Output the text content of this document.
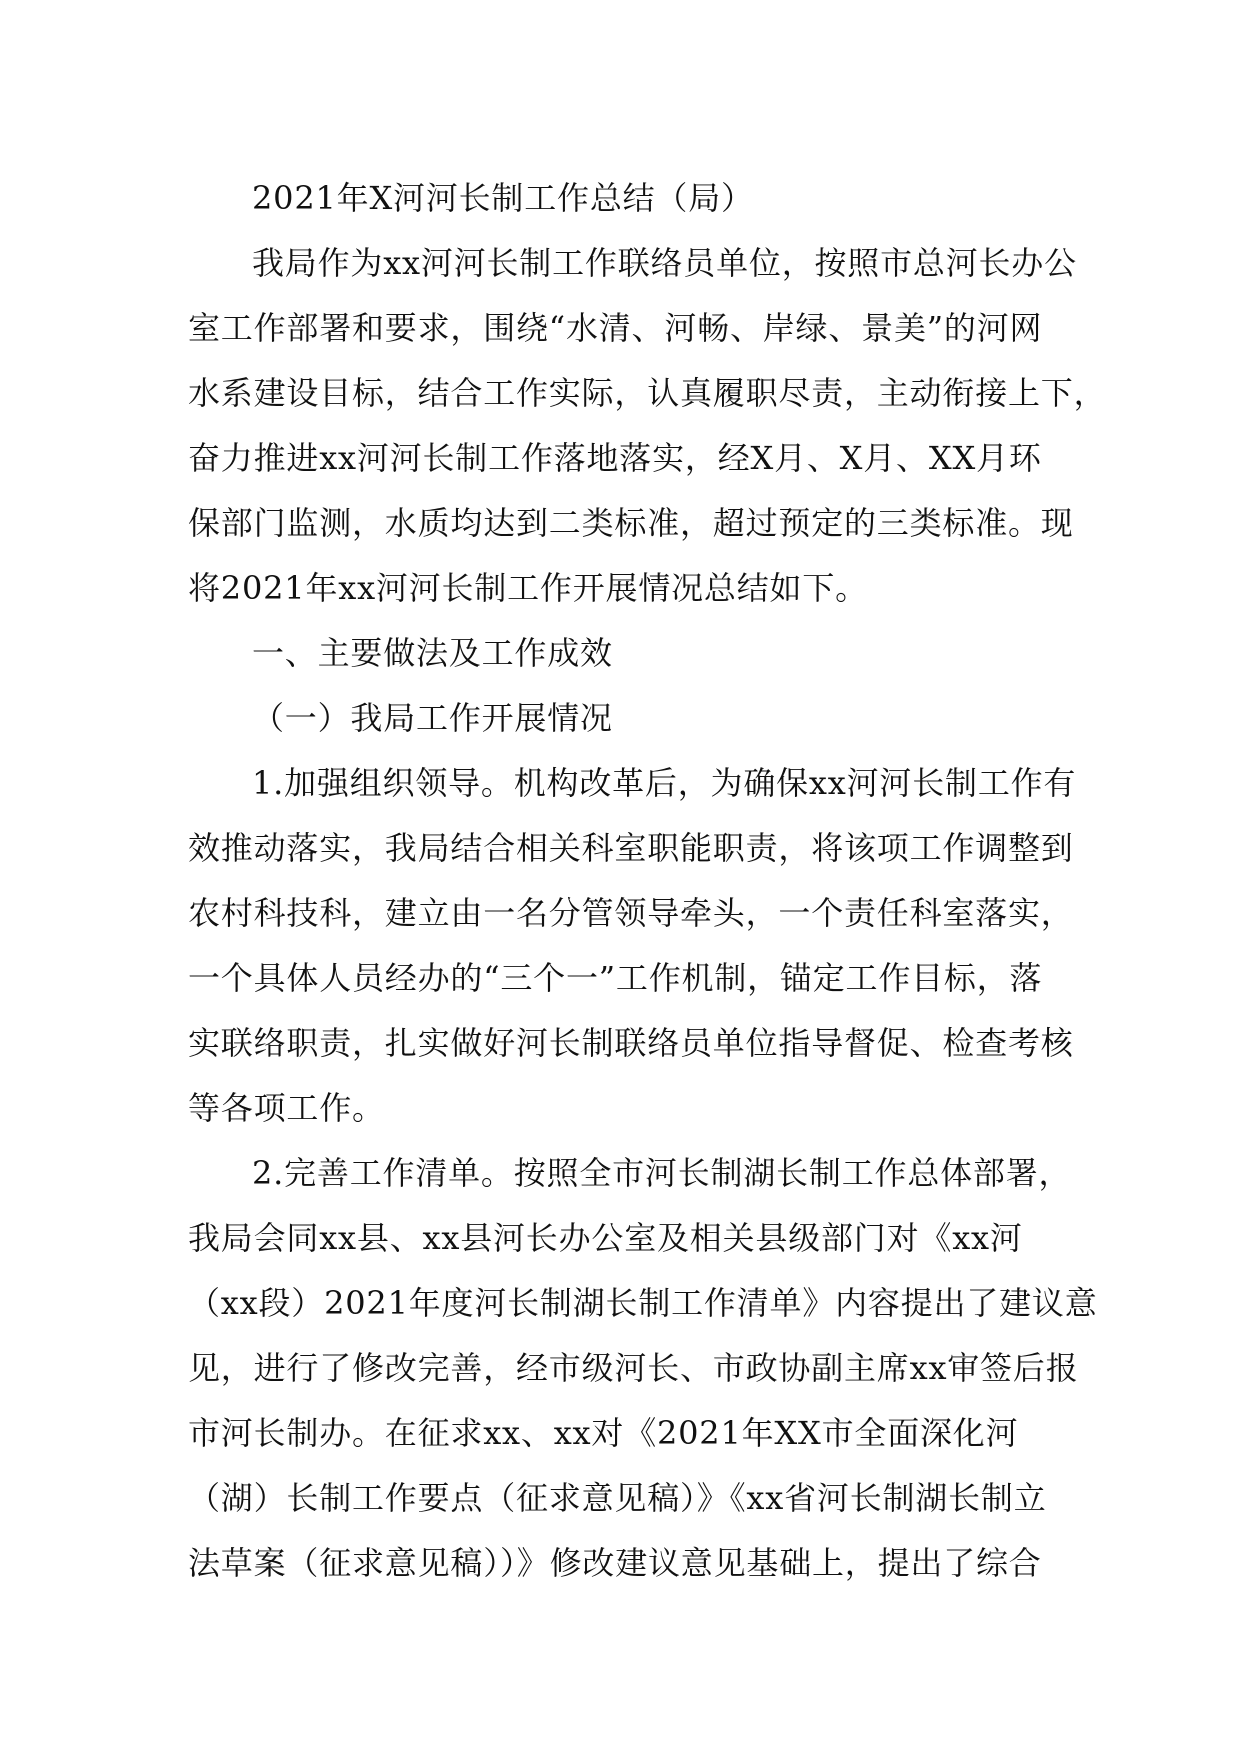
2021年X河河长制工作总结（局）
我局作为xx河河长制工作联络员单位，按照市总河长办公
室工作部署和要求，围绕“水清、河畅、岸绿、景美”的河网
水系建设目标，结合工作实际，认真履职尽责，主动衔接上下，
奋力推进xx河河长制工作落地落实，经X月、X月、XX月环
保部门监测，水质均达到二类标准，超过预定的三类标准。现
将2021年xx河河长制工作开展情况总结如下。
一、主要做法及工作成效
（一）我局工作开展情况
1.加强组织领导。机构改革后，为确保xx河河长制工作有
效推动落实，我局结合相关科室职能职责，将该项工作调整到
农村科技科，建立由一名分管领导牵头，一个责任科室落实，
一个具体人员经办的“三个一”工作机制，锚定工作目标，落
实联络职责，扎实做好河长制联络员单位指导督促、检查考核
等各项工作。
2.完善工作清单。按照全市河长制湖长制工作总体部署，
我局会同xx县、xx县河长办公室及相关县级部门对《xx河
（xx段）2021年度河长制湖长制工作清单》内容提出了建议意
见，进行了修改完善，经市级河长、市政协副主席xx审签后报
市河长制办。在征求xx、xx对《2021年XX市全面深化河
（湖）长制工作要点（征求意见稿）》《xx省河长制湖长制立
法草案（征求意见稿））》修改建议意见基础上，提出了综合
